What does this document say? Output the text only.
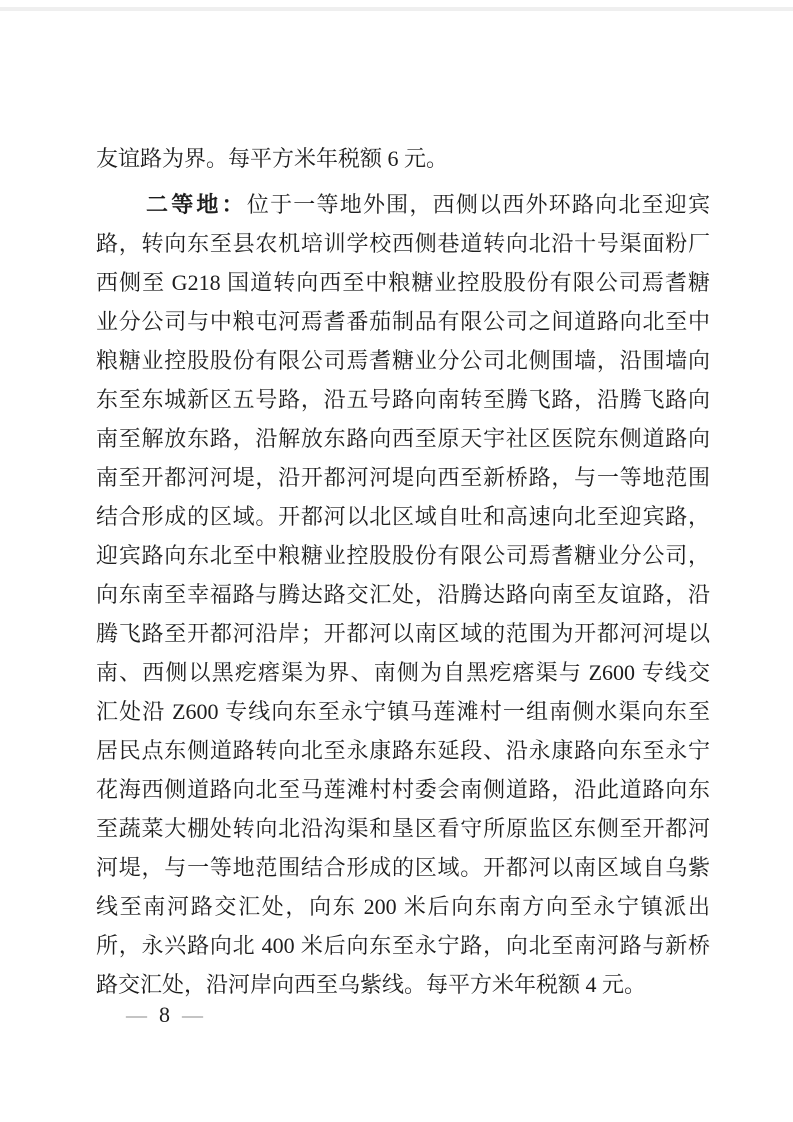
友谊路为界。每平方米年税额 6 元。
二等地：位于一等地外围，西侧以西外环路向北至迎宾
路，转向东至县农机培训学校西侧巷道转向北沿十号渠面粉厂
西侧至 G218 国道转向西至中粮糖业控股股份有限公司焉耆糖
业分公司与中粮屯河焉耆番茄制品有限公司之间道路向北至中
粮糖业控股股份有限公司焉耆糖业分公司北侧围墙，沿围墙向
东至东城新区五号路，沿五号路向南转至腾飞路，沿腾飞路向
南至解放东路，沿解放东路向西至原天宇社区医院东侧道路向
南至开都河河堤，沿开都河河堤向西至新桥路，与一等地范围
结合形成的区域。开都河以北区域自吐和高速向北至迎宾路，
迎宾路向东北至中粮糖业控股股份有限公司焉耆糖业分公司，
向东南至幸福路与腾达路交汇处，沿腾达路向南至友谊路，沿
腾飞路至开都河沿岸；开都河以南区域的范围为开都河河堤以
南、西侧以黑疙瘩渠为界、南侧为自黑疙瘩渠与 Z600 专线交
汇处沿 Z600 专线向东至永宁镇马莲滩村一组南侧水渠向东至
居民点东侧道路转向北至永康路东延段、沿永康路向东至永宁
花海西侧道路向北至马莲滩村村委会南侧道路，沿此道路向东
至蔬菜大棚处转向北沿沟渠和垦区看守所原监区东侧至开都河
河堤，与一等地范围结合形成的区域。开都河以南区域自乌紫
线至南河路交汇处，向东 200 米后向东南方向至永宁镇派出
所，永兴路向北 400 米后向东至永宁路，向北至南河路与新桥
路交汇处，沿河岸向西至乌紫线。每平方米年税额 4 元。
— 8 —
